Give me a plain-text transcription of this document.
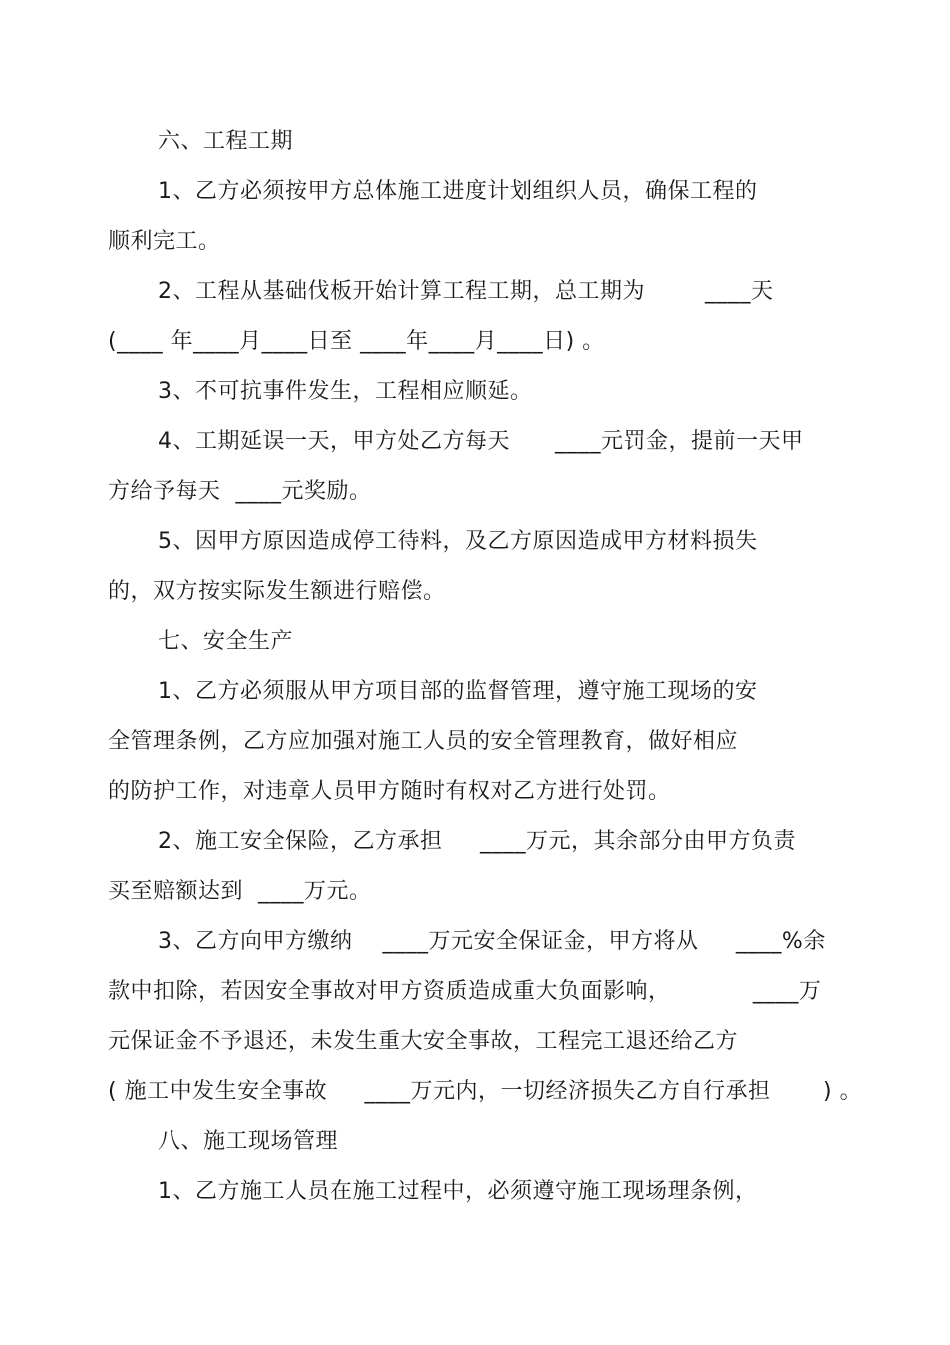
六、工程工期
1、乙方必须按甲方总体施工进度计划组织人员，确保工程的
顺利完工。
2、工程从基础伐板开始计算工程工期，总工期为        ____天
(____ 年____月____日至 ____年____月____日) 。
3、不可抗事件发生，工程相应顺延。
4、工期延误一天，甲方处乙方每天      ____元罚金，提前一天甲
方给予每天  ____元奖励。
5、因甲方原因造成停工待料，及乙方原因造成甲方材料损失
的，双方按实际发生额进行赔偿。
七、安全生产
1、乙方必须服从甲方项目部的监督管理，遵守施工现场的安
全管理条例，乙方应加强对施工人员的安全管理教育，做好相应
的防护工作，对违章人员甲方随时有权对乙方进行处罚。
2、施工安全保险，乙方承担     ____万元，其余部分由甲方负责
买至赔额达到  ____万元。
3、乙方向甲方缴纳    ____万元安全保证金，甲方将从     ____%余
款中扣除，若因安全事故对甲方资质造成重大负面影响，           ____万
元保证金不予退还，未发生重大安全事故，工程完工退还给乙方
( 施工中发生安全事故     ____万元内，一切经济损失乙方自行承担       ) 。
八、施工现场管理
1、乙方施工人员在施工过程中，必须遵守施工现场理条例，
